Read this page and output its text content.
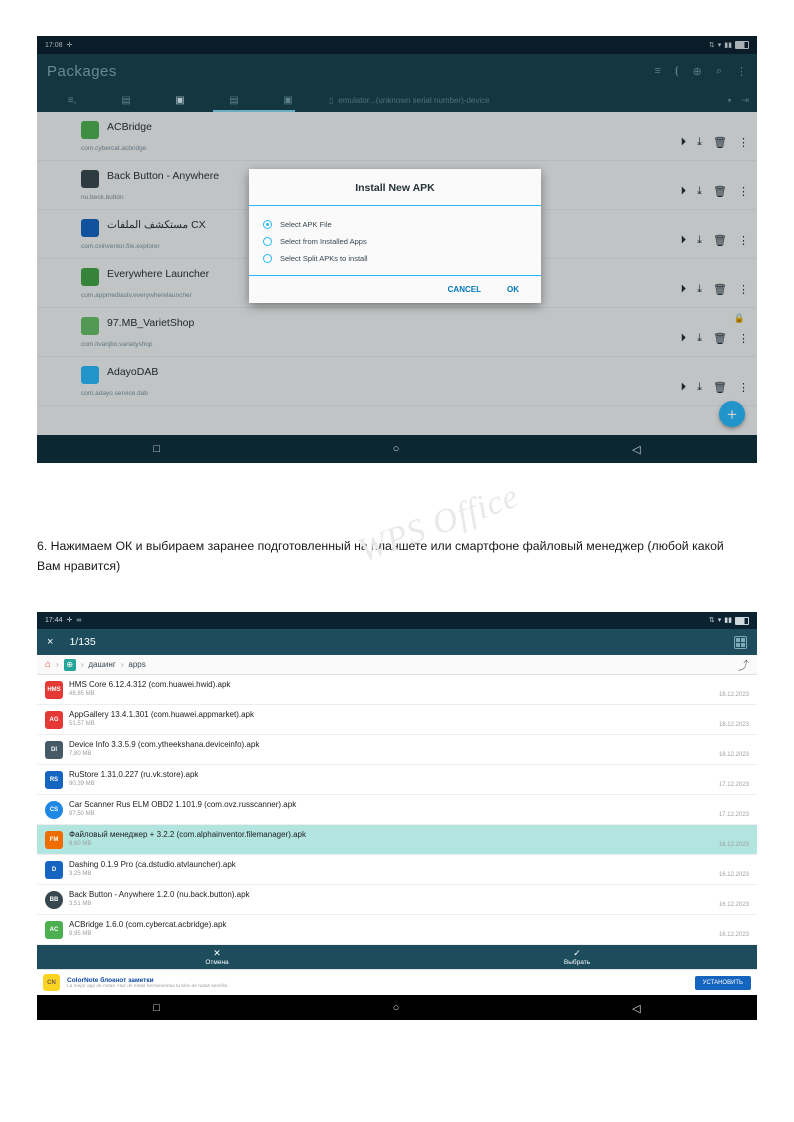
WPS Office
17:08 ✛	⇅ ▾ ▮▮
Packages	≡ ⦗ ⊕ ⌕ ⋮
≡,	▤	▣	▤	▣	▯ emulator...(unknown serial number)-device	▾ ⇥
ACBridge
com.cybercat.acbridge
⏵ ⤓ 🗑 ⋮
Back Button - Anywhere
nu.beck.button
⏵ ⤓ 🗑 ⋮
مستكشف الملفات CX
com.cxinventor.file.explorer
⏵ ⤓ 🗑 ⋮
Everywhere Launcher
com.appmediastv.everywherelauncher
⏵ ⤓ 🗑 ⋮
97.MB_VarietShop
com.itvanjbo.varietyshop
🔒
⏵ ⤓ 🗑 ⋮
AdayoDAB
com.adayo.service.dab
⏵ ⤓ 🗑 ⋮
+
Install New APK
Select APK File
Select from Installed Apps
Select Split APKs to install
CANCEL	OK
□	○	◁
6. Нажимаем ОК и выбираем заранее подготовленный на планшете или смартфоне файловый менеджер (любой какой Вам нравится)
17:44 ✛ ∞	⇅ ▾ ▮▮
× 1/135
⌂ › ⊕ › дашинг › apps	⤴
HMS
HMS Core 6.12.4.312 (com.huawei.hwid).apk
48,85 MB	18.12.2023
AG
AppGallery 13.4.1.301 (com.huawei.appmarket).apk
51,57 MB	18.12.2023
DI
Device Info 3.3.5.9 (com.ytheekshana.deviceinfo).apk
7,80 MB	18.12.2023
RS
RuStore 1.31.0.227 (ru.vk.store).apk
90,39 MB	17.12.2023
CS
Car Scanner Rus ELM OBD2 1.101.9 (com.ovz.russcanner).apk
97,50 MB	17.12.2023
FM
Файловый менеджер + 3.2.2 (com.alphainventor.filemanager).apk
8,60 MB	16.12.2023
D
Dashing 0.1.9 Pro (ca.dstudio.atvlauncher).apk
3,25 MB	16.12.2023
BB
Back Button - Anywhere 1.2.0 (nu.back.button).apk
3,51 MB	16.12.2023
AC
ACBridge 1.6.0 (com.cybercat.acbridge).apk
9,95 MB	16.12.2023
✕
Отмена
✓
Выбрать
CN	ColorNote блокнот заметки
La mejor app de notas. Haz de estas herramientas tu bloc de notas sencillo.
УСТАНОВИТЬ
□	○	◁
